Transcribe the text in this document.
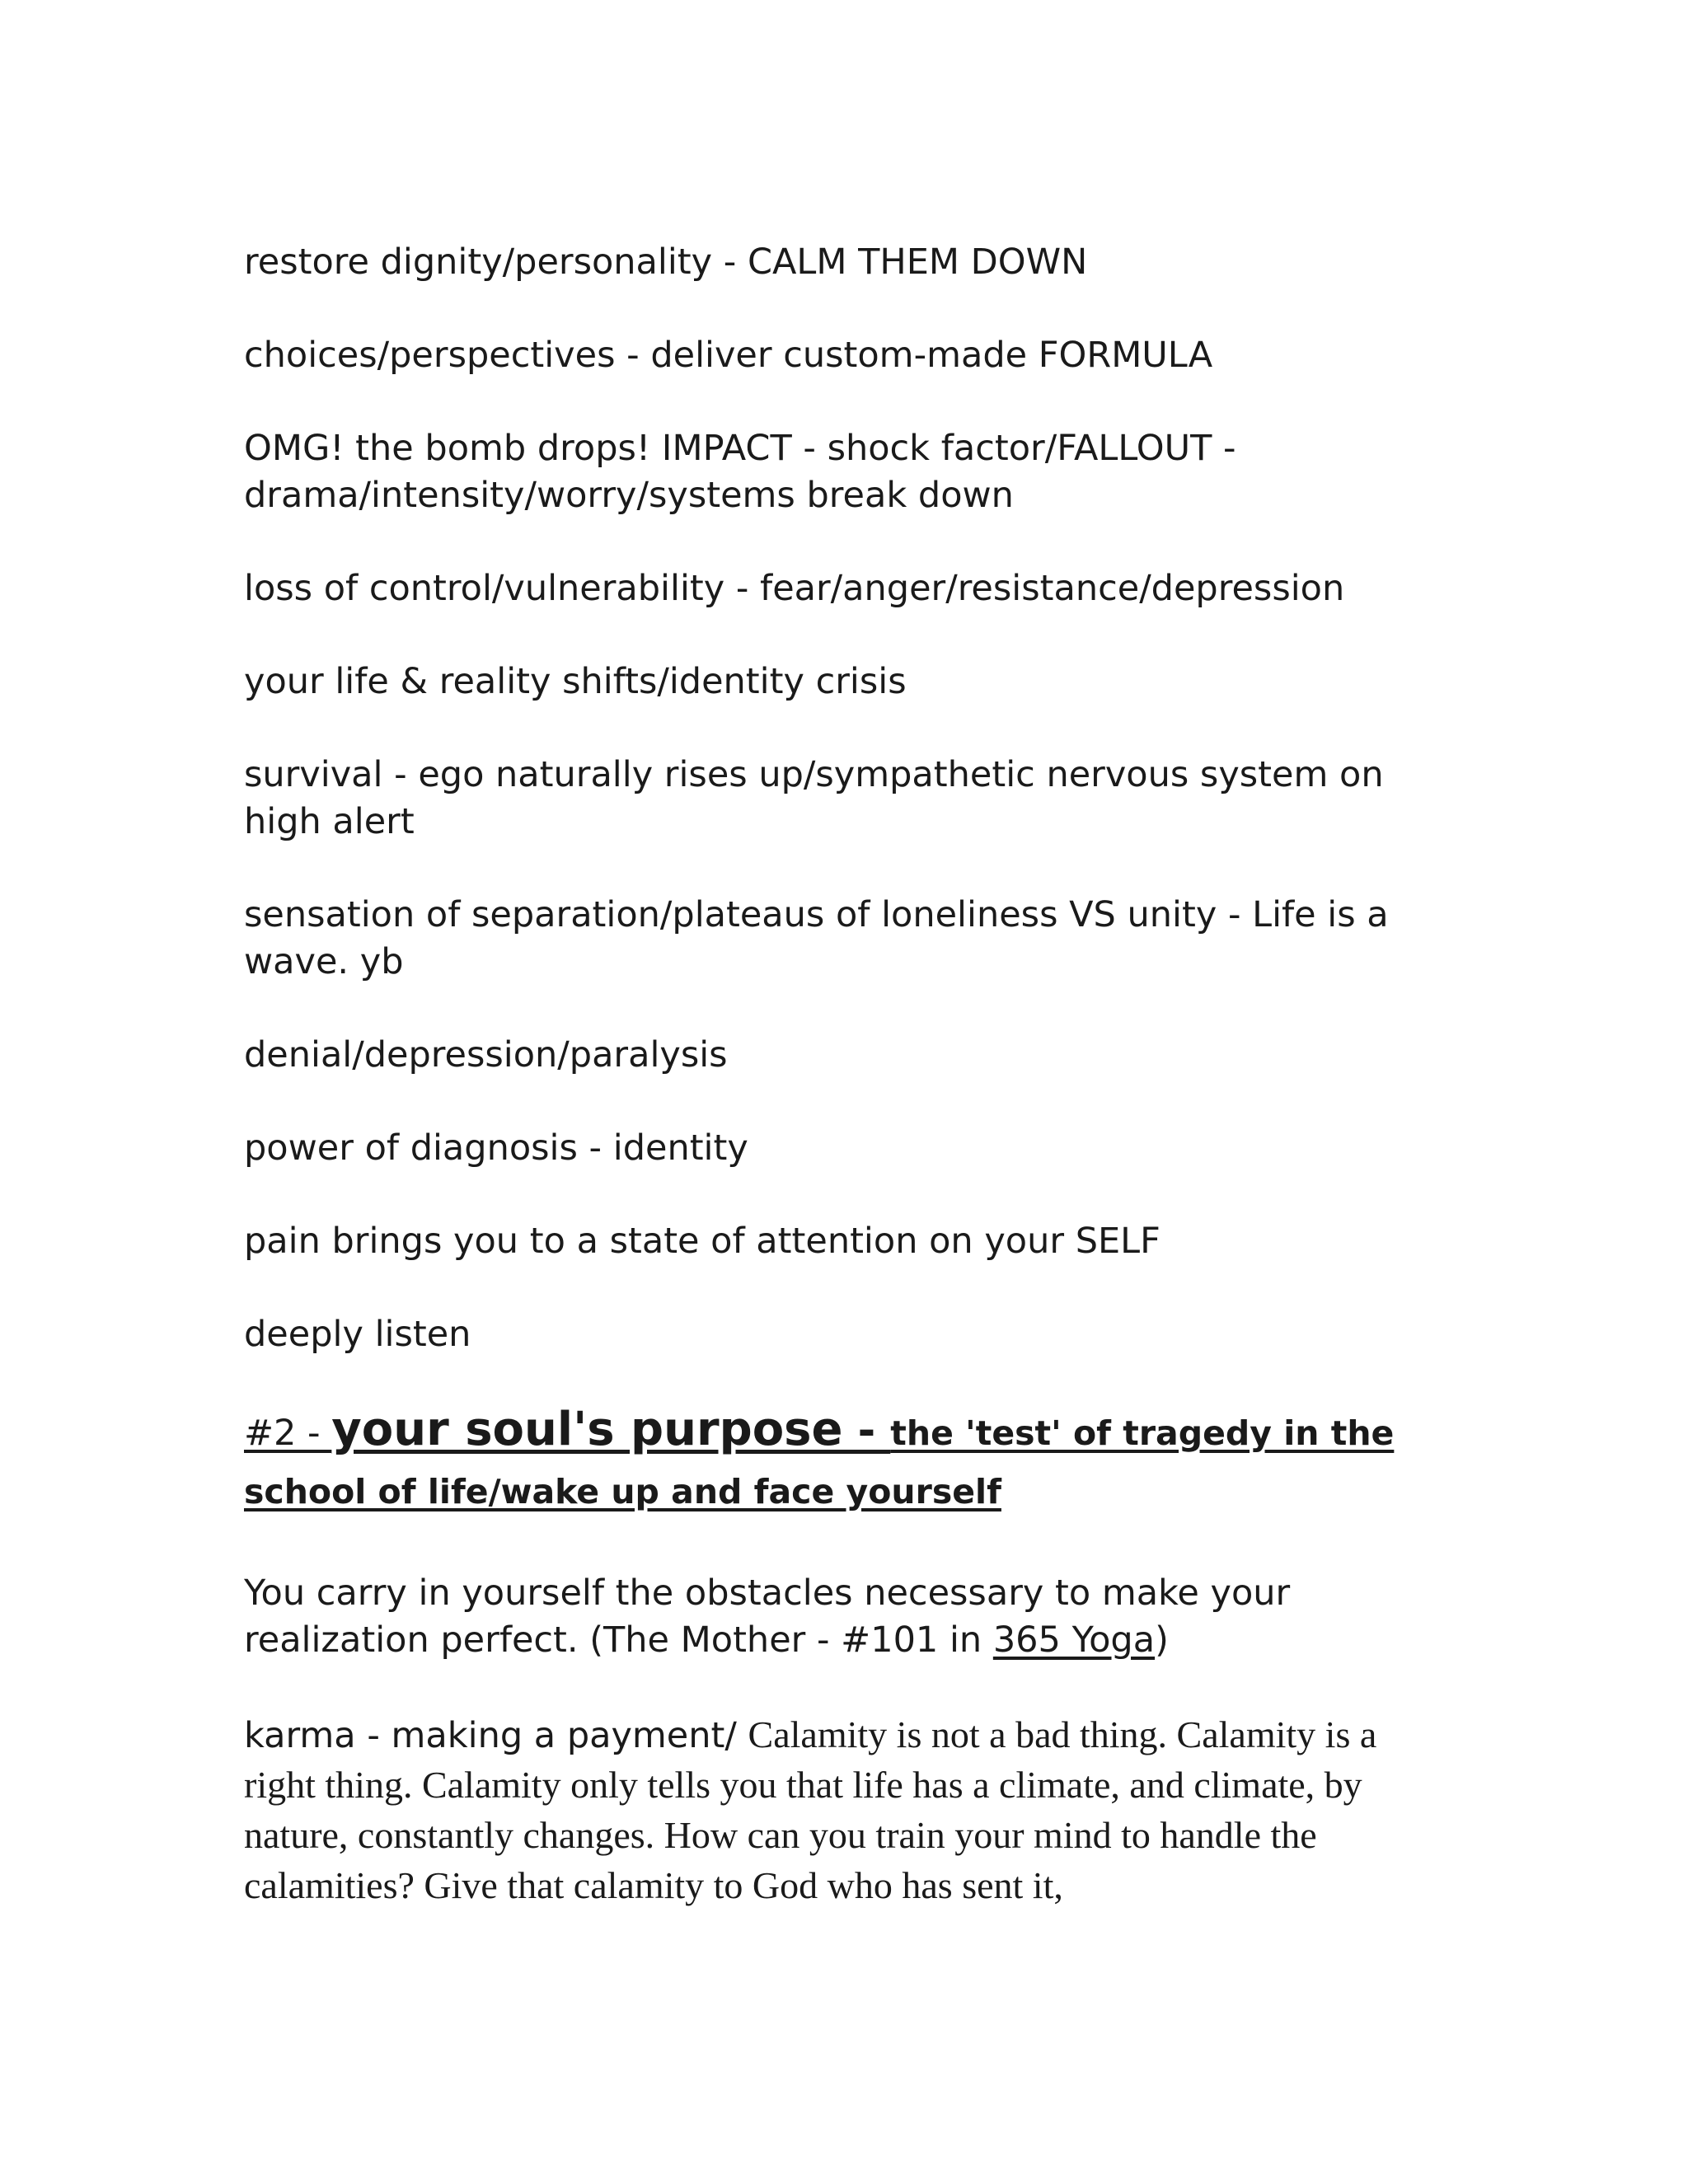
restore dignity/personality - CALM THEM DOWN

choices/perspectives - deliver custom-made FORMULA

OMG! the bomb drops! IMPACT - shock factor/FALLOUT - drama/intensity/worry/systems break down

loss of control/vulnerability - fear/anger/resistance/depression

your life & reality shifts/identity crisis

survival - ego naturally rises up/sympathetic nervous system on high alert

sensation of separation/plateaus of loneliness VS unity - Life is a wave. yb

denial/depression/paralysis

power of diagnosis - identity

pain brings you to a state of attention on your SELF

deeply listen

#2 - your soul's purpose - the 'test' of tragedy in the school of life/wake up and face yourself

You carry in yourself the obstacles necessary to make your realization perfect. (The Mother - #101 in 365 Yoga)

karma - making a payment/ Calamity is not a bad thing. Calamity is a right thing. Calamity only tells you that life has a climate, and climate, by nature, constantly changes. How can you train your mind to handle the calamities? Give that calamity to God who has sent it,
